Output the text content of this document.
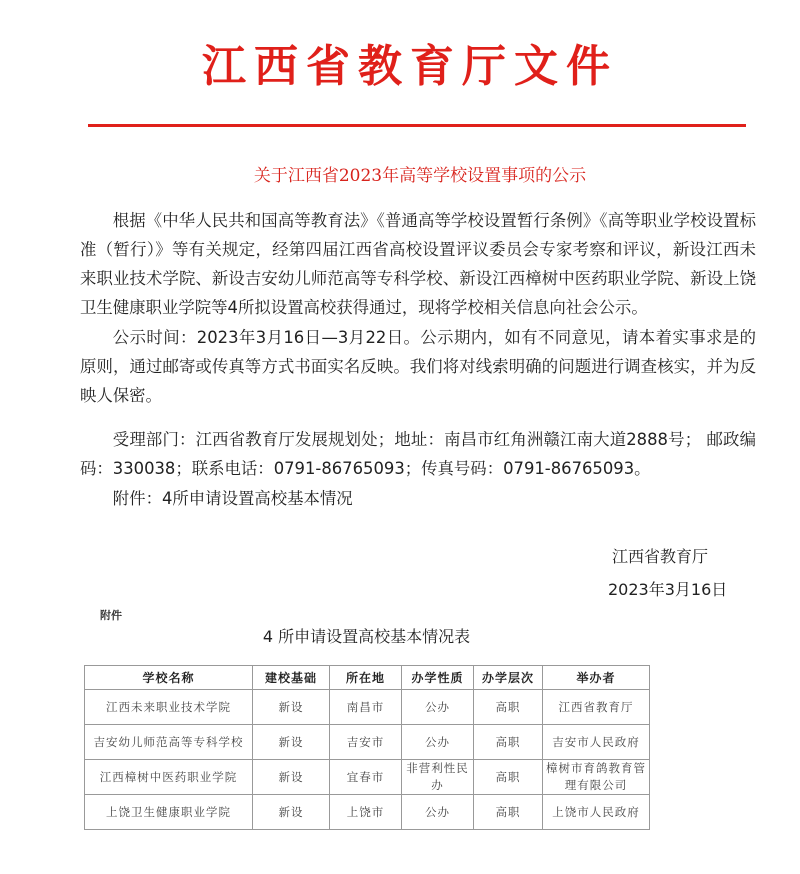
江西省教育厅文件
关于江西省2023年高等学校设置事项的公示

根据《中华人民共和国高等教育法》《普通高等学校设置暂行条例》《高等职业学校设置标准（暂行）》等有关规定，经第四届江西省高校设置评议委员会专家考察和评议，新设江西未来职业技术学院、新设吉安幼儿师范高等专科学校、新设江西樟树中医药职业学院、新设上饶卫生健康职业学院等4所拟设置高校获得通过，现将学校相关信息向社会公示。

公示时间：2023年3月16日—3月22日。公示期内，如有不同意见，请本着实事求是的原则，通过邮寄或传真等方式书面实名反映。我们将对线索明确的问题进行调查核实，并为反映人保密。

受理部门：江西省教育厅发展规划处；地址：南昌市红角洲赣江南大道2888号； 邮政编码：330038；联系电话：0791-86765093；传真号码：0791-86765093。

附件：4所申请设置高校基本情况

江西省教育厅
2023年3月16日
附件
4 所申请设置高校基本情况表
学校名称	建校基础	所在地	办学性质	办学层次	举办者
江西未来职业技术学院	新设	南昌市	公办	高职	江西省教育厅
吉安幼儿师范高等专科学校	新设	吉安市	公办	高职	吉安市人民政府
江西樟树中医药职业学院	新设	宜春市	非营利性民办	高职	樟树市育鸽教育管理有限公司
上饶卫生健康职业学院	新设	上饶市	公办	高职	上饶市人民政府
